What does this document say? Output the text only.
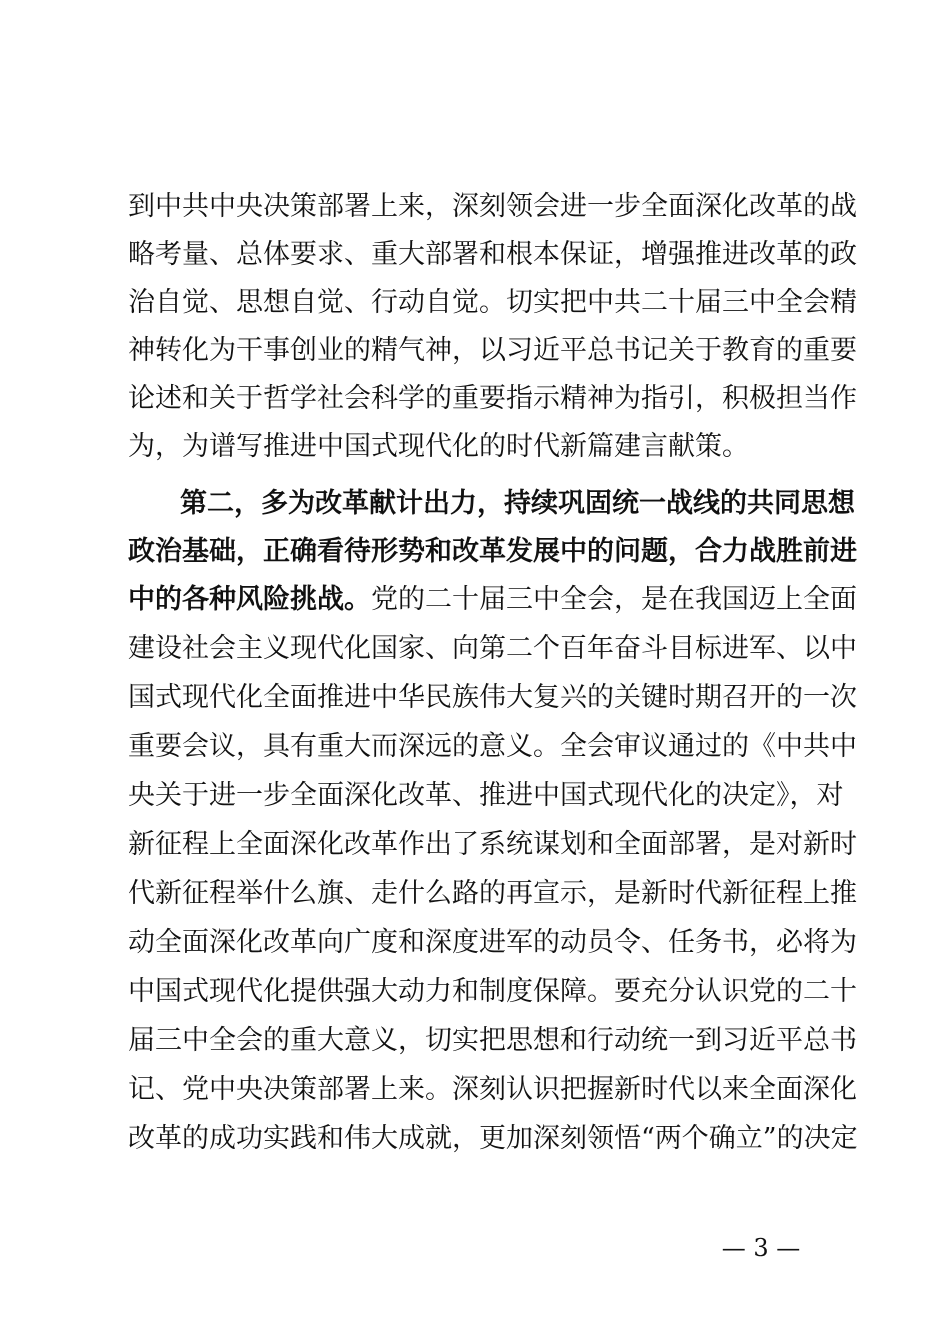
到中共中央决策部署上来，深刻领会进一步全面深化改革的战
略考量、总体要求、重大部署和根本保证，增强推进改革的政
治自觉、思想自觉、行动自觉。切实把中共二十届三中全会精
神转化为干事创业的精气神，以习近平总书记关于教育的重要
论述和关于哲学社会科学的重要指示精神为指引，积极担当作
为，为谱写推进中国式现代化的时代新篇建言献策。
第二，多为改革献计出力，持续巩固统一战线的共同思想
政治基础，正确看待形势和改革发展中的问题，合力战胜前进
中的各种风险挑战。党的二十届三中全会，是在我国迈上全面
建设社会主义现代化国家、向第二个百年奋斗目标进军、以中
国式现代化全面推进中华民族伟大复兴的关键时期召开的一次
重要会议，具有重大而深远的意义。全会审议通过的《中共中
央关于进一步全面深化改革、推进中国式现代化的决定》，对
新征程上全面深化改革作出了系统谋划和全面部署，是对新时
代新征程举什么旗、走什么路的再宣示，是新时代新征程上推
动全面深化改革向广度和深度进军的动员令、任务书，必将为
中国式现代化提供强大动力和制度保障。要充分认识党的二十
届三中全会的重大意义，切实把思想和行动统一到习近平总书
记、党中央决策部署上来。深刻认识把握新时代以来全面深化
改革的成功实践和伟大成就，更加深刻领悟“两个确立”的决定
— 3 —
